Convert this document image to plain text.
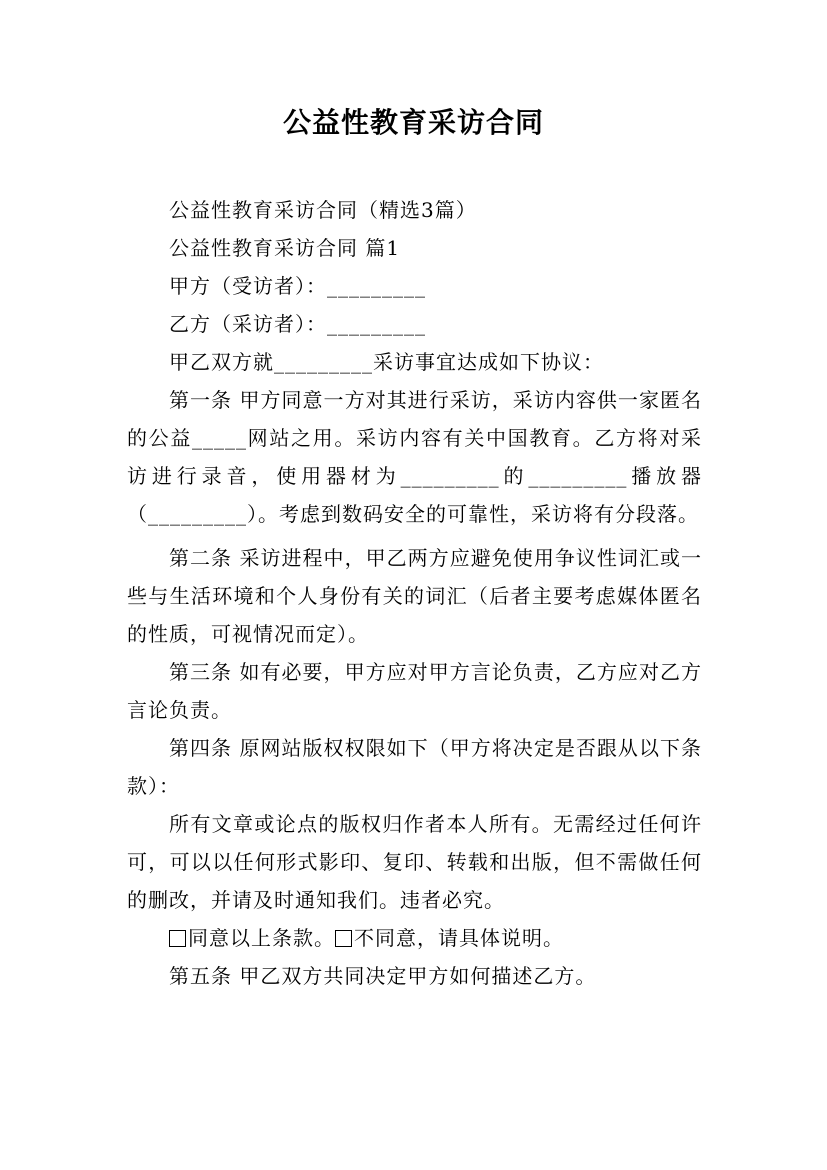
公益性教育采访合同

公益性教育采访合同（精选3篇）

公益性教育采访合同 篇1

甲方（受访者）：_________

乙方（采访者）：_________

甲乙双方就_________采访事宜达成如下协议：

第一条 甲方同意一方对其进行采访，采访内容供一家匿名的公益_____网站之用。采访内容有关中国教育。乙方将对采访进行录音，使用器材为_________的_________播放器（_________）。考虑到数码安全的可靠性，采访将有分段落。

第二条 采访进程中，甲乙两方应避免使用争议性词汇或一些与生活环境和个人身份有关的词汇（后者主要考虑媒体匿名的性质，可视情况而定）。

第三条 如有必要，甲方应对甲方言论负责，乙方应对乙方言论负责。

第四条 原网站版权权限如下（甲方将决定是否跟从以下条款）：

所有文章或论点的版权归作者本人所有。无需经过任何许可，可以以任何形式影印、复印、转载和出版，但不需做任何的删改，并请及时通知我们。违者必究。

同意以上条款。 不同意，请具体说明。

第五条 甲乙双方共同决定甲方如何描述乙方。
